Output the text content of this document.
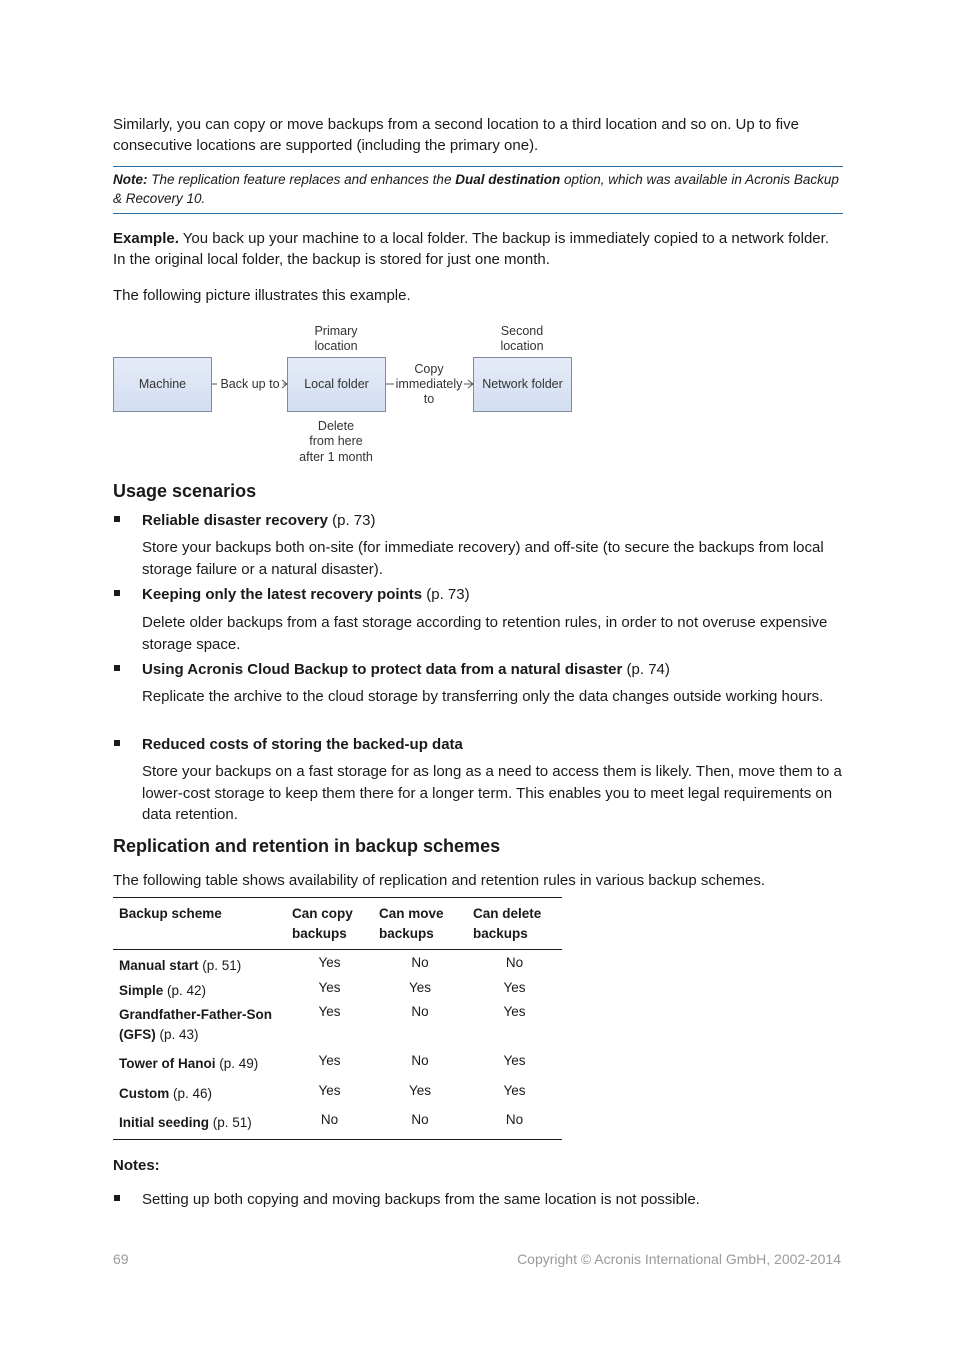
Similarly, you can copy or move backups from a second location to a third location and so on. Up to five consecutive locations are supported (including the primary one).

Note: The replication feature replaces and enhances the Dual destination option, which was available in Acronis Backup & Recovery 10.

Example. You back up your machine to a local folder. The backup is immediately copied to a network folder. In the original local folder, the backup is stored for just one month.

The following picture illustrates this example.

Machine	Local folder	Network folder
Back up to
Copy
immediately
to
Primary
location
Second
location
Delete
from here
after 1 month
Usage scenarios
Reliable disaster recovery (p. 73)

Store your backups both on-site (for immediate recovery) and off-site (to secure the backups from local storage failure or a natural disaster).

Keeping only the latest recovery points (p. 73)

Delete older backups from a fast storage according to retention rules, in order to not overuse expensive storage space.

Using Acronis Cloud Backup to protect data from a natural disaster (p. 74)

Replicate the archive to the cloud storage by transferring only the data changes outside working hours.

Reduced costs of storing the backed-up data

Store your backups on a fast storage for as long as a need to access them is likely. Then, move them to a lower-cost storage to keep them there for a longer term. This enables you to meet legal requirements on data retention.

Replication and retention in backup schemes

The following table shows availability of replication and retention rules in various backup schemes.

Backup scheme	Can copy backups	Can move backups	Can delete backups
Manual start (p. 51)	Yes	No	No
Simple (p. 42)	Yes	Yes	Yes
Grandfather-Father-Son (GFS) (p. 43)	Yes	No	Yes
Tower of Hanoi (p. 49)	Yes	No	Yes
Custom (p. 46)	Yes	Yes	Yes
Initial seeding (p. 51)	No	No	No
Notes:

Setting up both copying and moving backups from the same location is not possible.

69	Copyright © Acronis International GmbH, 2002-2014
